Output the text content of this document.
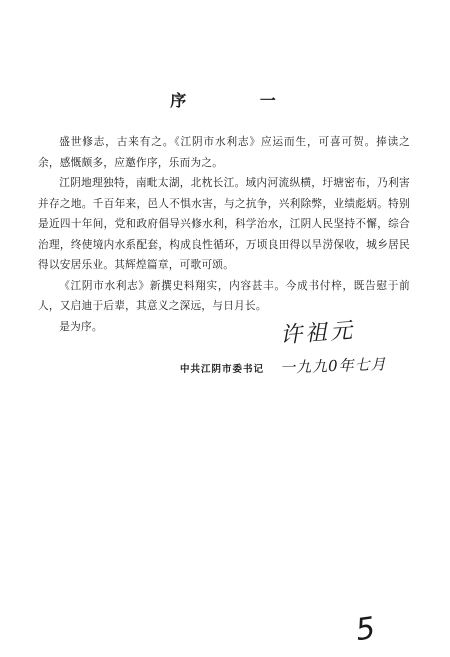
序 一

盛世修志，古来有之。《江阴市水利志》应运而生，可喜可贺。捧读之余，感慨颇多，应邀作序，乐而为之。

江阴地理独特，南毗太湖，北枕长江。域内河流纵横，圩塘密布，乃利害并存之地。千百年来，邑人不惧水害，与之抗争，兴利除弊，业绩彪炳。特别是近四十年间，党和政府倡导兴修水利，科学治水，江阴人民坚持不懈，综合治理，终使境内水系配套，构成良性循环，万顷良田得以旱涝保收，城乡居民得以安居乐业。其辉煌篇章，可歌可颂。

《江阴市水利志》新撰史料翔实，内容甚丰。今成书付梓，既告慰于前人，又启迪于后辈，其意义之深远，与日月长。

是为序。	许祖元
中共江阴市委书记 一九九0年七月
5
